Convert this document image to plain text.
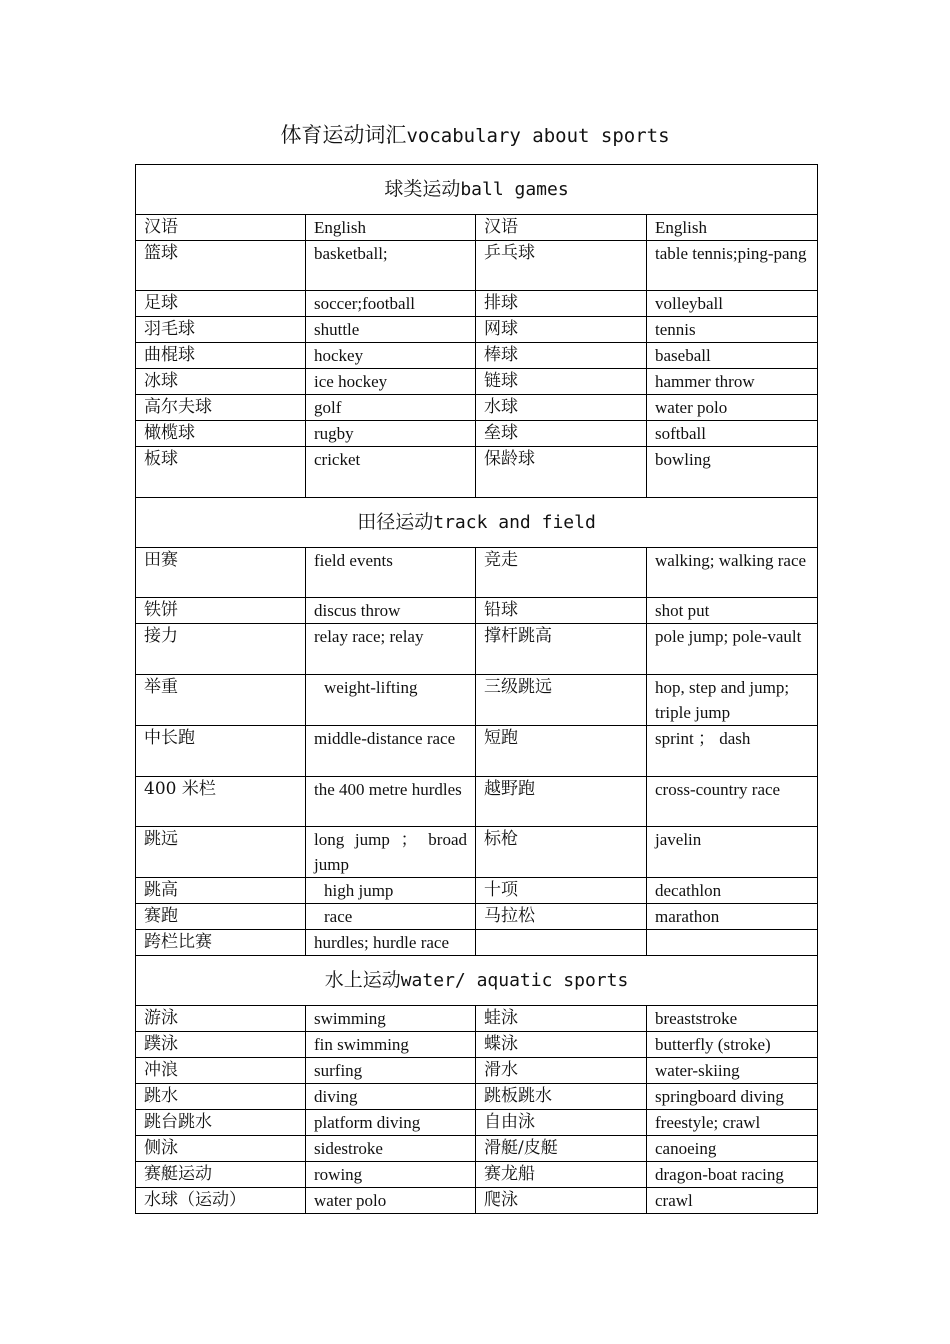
体育运动词汇vocabulary about sports
球类运动ball games			
汉语	English	汉语	English
篮球	basketball;	乒乓球	table tennis;ping-pang
足球	soccer;football	排球	volleyball
羽毛球	shuttle	网球	tennis
曲棍球	hockey	棒球	baseball
冰球	ice hockey	链球	hammer throw
高尔夫球	golf	水球	water polo
橄榄球	rugby	垒球	softball
板球	cricket	保龄球	bowling
田径运动track and field			
田赛	field events	竞走	walking; walking race
铁饼	discus throw	铅球	shot put
接力	relay race; relay	撑杆跳高	pole jump; pole-vault
举重	weight-lifting	三级跳远	hop, step and jump; triple jump
中长跑	middle-distance race	短跑	sprint ； dash
400 米栏	the 400 metre hurdles	越野跑	cross-country race
跳远	long jump ； broad jump	标枪	javelin
跳高	high jump	十项	decathlon
赛跑	race	马拉松	marathon
跨栏比赛	hurdles; hurdle race		
水上运动water/ aquatic sports			
游泳	swimming	蛙泳	breaststroke
蹼泳	fin swimming	蝶泳	butterfly (stroke)
冲浪	surfing	滑水	water-skiing
跳水	diving	跳板跳水	springboard diving
跳台跳水	platform diving	自由泳	freestyle; crawl
侧泳	sidestroke	滑艇/皮艇	canoeing
赛艇运动	rowing	赛龙船	dragon-boat racing
水球（运动）	water polo	爬泳	crawl
